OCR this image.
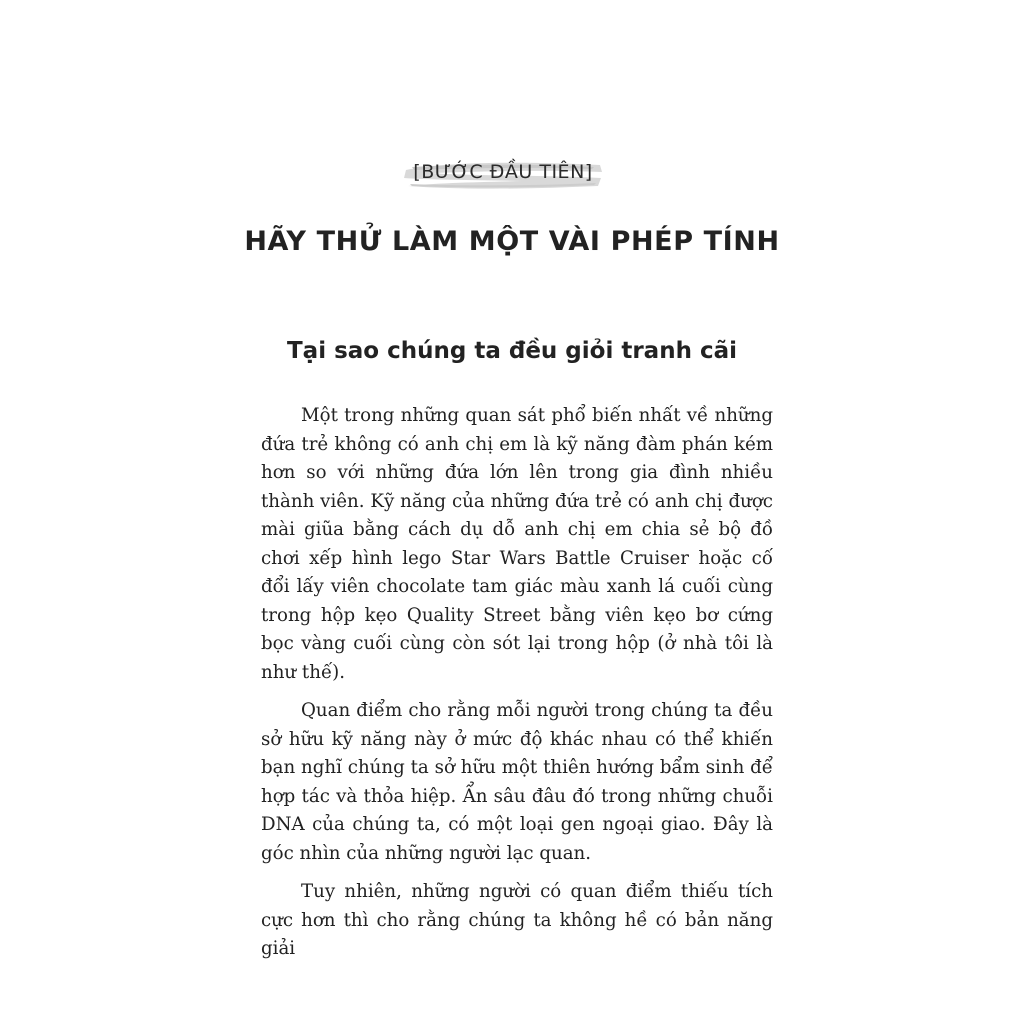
[BƯỚC ĐẦU TIÊN]
HÃY THỬ LÀM MỘT VÀI PHÉP TÍNH
Tại sao chúng ta đều giỏi tranh cãi

Một trong những quan sát phổ biến nhất về những đứa trẻ không có anh chị em là kỹ năng đàm phán kém hơn so với những đứa lớn lên trong gia đình nhiều thành viên. Kỹ năng của những đứa trẻ có anh chị được mài giũa bằng cách dụ dỗ anh chị em chia sẻ bộ đồ chơi xếp hình lego Star Wars Battle Cruiser hoặc cố đổi lấy viên chocolate tam giác màu xanh lá cuối cùng trong hộp kẹo Quality Street bằng viên kẹo bơ cứng bọc vàng cuối cùng còn sót lại trong hộp (ở nhà tôi là như thế).

Quan điểm cho rằng mỗi người trong chúng ta đều sở hữu kỹ năng này ở mức độ khác nhau có thể khiến bạn nghĩ chúng ta sở hữu một thiên hướng bẩm sinh để hợp tác và thỏa hiệp. Ẩn sâu đâu đó trong những chuỗi DNA của chúng ta, có một loại gen ngoại giao. Đây là góc nhìn của những người lạc quan.

Tuy nhiên, những người có quan điểm thiếu tích cực hơn thì cho rằng chúng ta không hề có bản năng giải
